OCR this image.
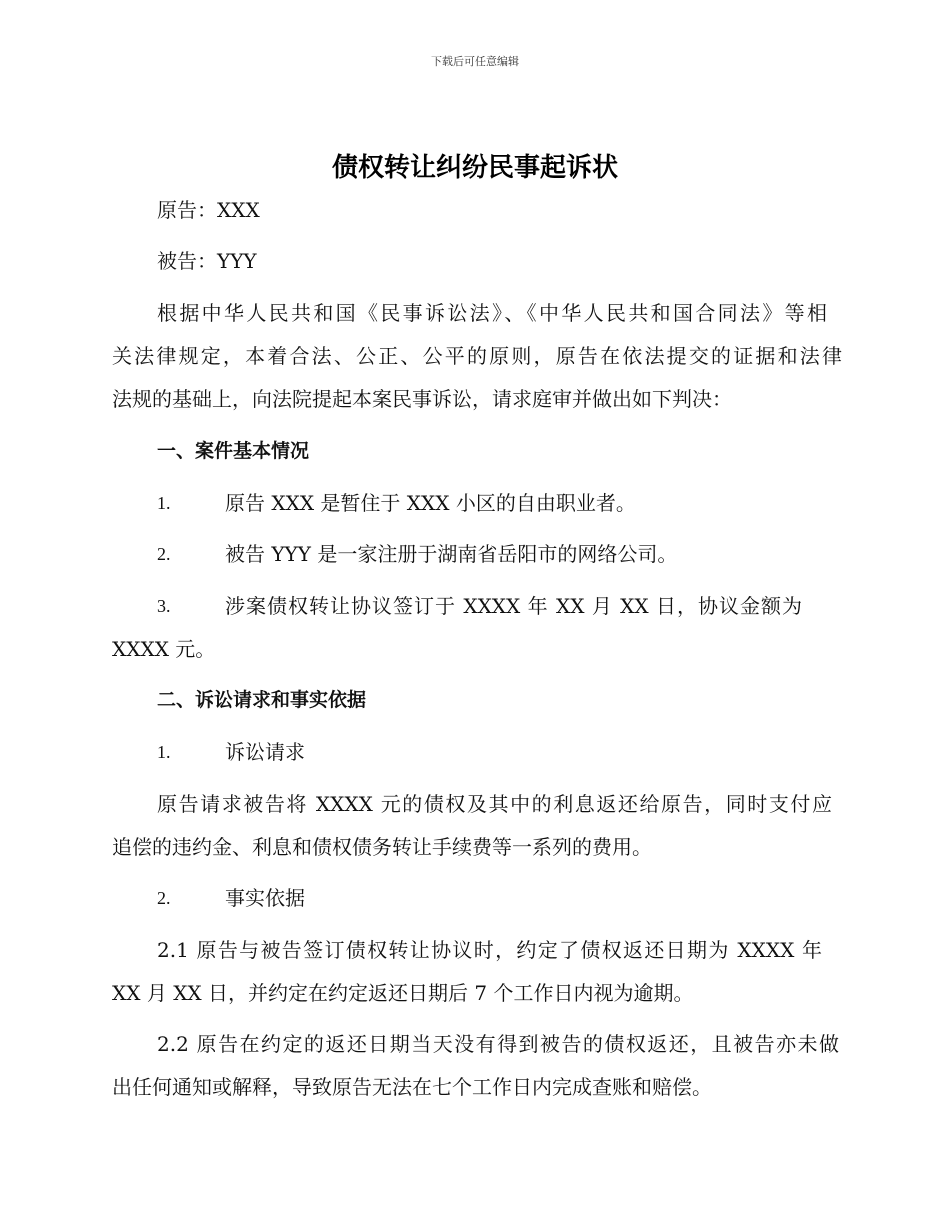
下载后可任意编辑
债权转让纠纷民事起诉状
原告：XXX
被告：YYY
根据中华人民共和国《民事诉讼法》、《中华人民共和国合同法》等相
关法律规定，本着合法、公正、公平的原则，原告在依法提交的证据和法律
法规的基础上，向法院提起本案民事诉讼，请求庭审并做出如下判决：
一、案件基本情况
1.	原告 XXX 是暂住于 XXX 小区的自由职业者。
2.	被告 YYY 是一家注册于湖南省岳阳市的网络公司。
3.	涉案债权转让协议签订于 XXXX 年 XX 月 XX 日，协议金额为
XXXX 元。
二、诉讼请求和事实依据
1.	诉讼请求
原告请求被告将 XXXX 元的债权及其中的利息返还给原告，同时支付应
追偿的违约金、利息和债权债务转让手续费等一系列的费用。
2.	事实依据
2.1 原告与被告签订债权转让协议时，约定了债权返还日期为 XXXX 年
XX 月 XX 日，并约定在约定返还日期后 7 个工作日内视为逾期。
2.2 原告在约定的返还日期当天没有得到被告的债权返还，且被告亦未做
出任何通知或解释，导致原告无法在七个工作日内完成查账和赔偿。
